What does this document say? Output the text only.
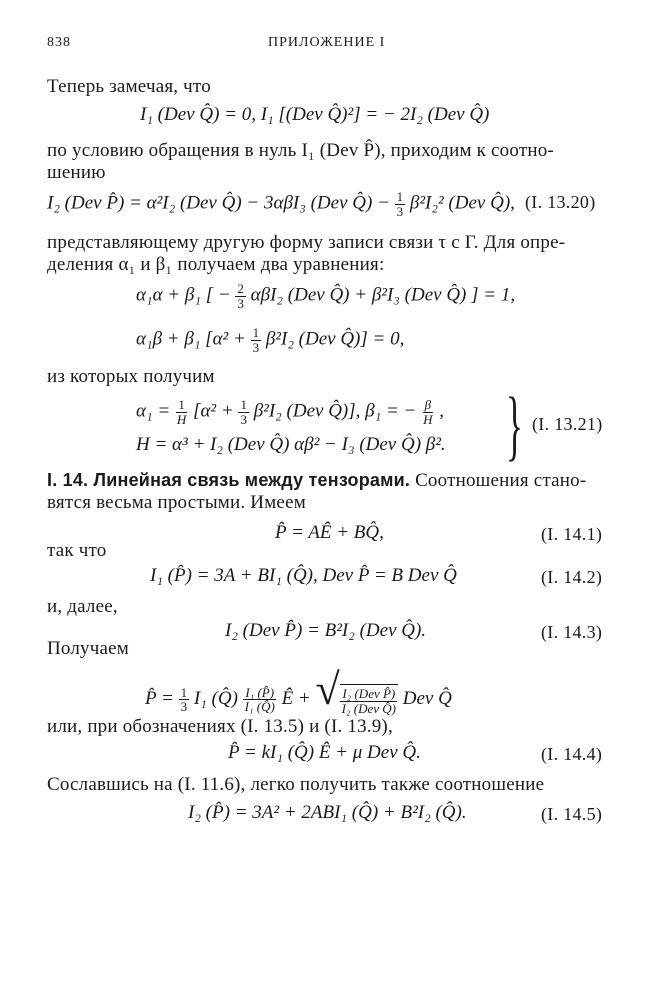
838	ПРИЛОЖЕНИЕ I
Теперь замечая, что
I₁ (Dev Q̂) = 0, I₁ [(Dev Q̂)²] = − 2I₂ (Dev Q̂)
по условию обращения в нуль I₁ (Dev P̂), приходим к соотно-
шению
I₂ (Dev P̂) = α²I₂ (Dev Q̂) − 3αβI₃ (Dev Q̂) − $\frac{1}{3} \beta^2I_2^2$ (Dev Q̂), (I. 13.20)
представляющему другую форму записи связи τ с Γ. Для опре-
деления α₁ и β₁ получаем два уравнения:
α₁α + β₁ [ − $\frac{2}{3} \alpha\beta I_2$ (Dev Q̂) + β²I₃ (Dev Q̂) ] = 1,
α₁β + β₁ [$\alpha^2 + \frac{1}{3} \beta^2I_2$ (Dev Q̂)] = 0,
из которых получим
$\alpha_1 = \frac{1}{H} [\alpha^2 + \frac{1}{3} \beta^2I_2$ (Dev Q̂)], β₁ = − $\frac{\beta}{H}$ ,
H = α³ + I₂ (Dev Q̂) αβ² − I₃ (Dev Q̂) β². } (I. 13.21)
I. 14. Линейная связь между тензорами. Соотношения стано-
вятся весьма простыми. Имеем
P̂ = AÊ + BQ̂,	(I. 14.1)
так что
I₁ (P̂) = 3A + BI₁ (Q̂), Dev P̂ = B Dev Q̂	(I. 14.2)
и, далее,
I₂ (Dev P̂) = B²I₂ (Dev Q̂).	(I. 14.3)
Получаем
P̂ = $\frac{1}{3} I_1$ (Q̂) $\frac{\text{I₁ (P̂)}}{\text{I₁ (Q̂)}}$ Ê + √ $\frac{\text{I₂ (Dev P̂)}}{\text{I₂ (Dev Q̂)}}$ Dev Q̂
или, при обозначениях (I. 13.5) и (I. 13.9),
P̂ = kI₁ (Q̂) Ê + μ Dev Q̂.	(I. 14.4)
Сославшись на (I. 11.6), легко получить также соотношение
I₂ (P̂) = 3A² + 2ABI₁ (Q̂) + B²I₂ (Q̂).	(I. 14.5)
